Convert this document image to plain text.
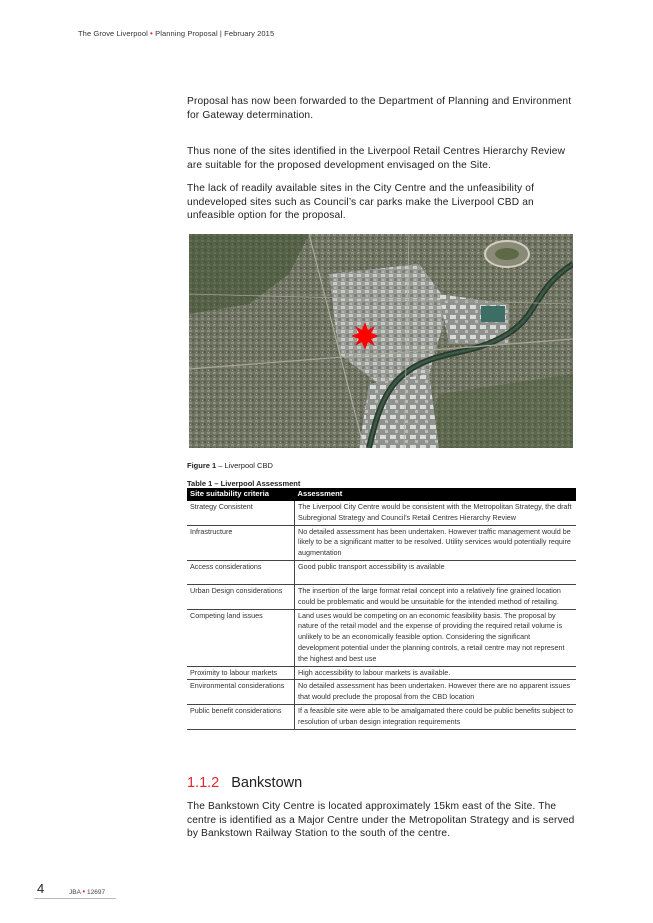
The Grove Liverpool • Planning Proposal | February 2015
Proposal has now been forwarded to the Department of Planning and Environment for Gateway determination.
Thus none of the sites identified in the Liverpool Retail Centres Hierarchy Review are suitable for the proposed development envisaged on the Site.
The lack of readily available sites in the City Centre and the unfeasibility of undeveloped sites such as Council’s car parks make the Liverpool CBD an unfeasible option for the proposal.
Figure 1 – Liverpool CBD
Table 1 – Liverpool Assessment
Site suitability criteria	Assessment
Strategy Consistent	The Liverpool City Centre would be consistent with the Metropolitan Strategy, the draft Subregional Strategy and Council’s Retail Centres Hierarchy Review
Infrastructure	No detailed assessment has been undertaken. However traffic management would be likely to be a significant matter to be resolved. Utility services would potentially require augmentation
Access considerations	Good public transport accessibility is available
Urban Design considerations	The insertion of the large format retail concept into a relatively fine grained location could be problematic and would be unsuitable for the intended method of retailing.
Competing land issues	Land uses would be competing on an economic feasibility basis. The proposal by nature of the retail model and the expense of providing the required retail volume is unlikely to be an economically feasible option. Considering the significant development potential under the planning controls, a retail centre may not represent the highest and best use
Proximity to labour markets	High accessibility to labour markets is available.
Environmental considerations	No detailed assessment has been undertaken. However there are no apparent issues that would preclude the proposal from the CBD location
Public benefit considerations	If a feasible site were able to be amalgamated there could be public benefits subject to resolution of urban design integration requirements
1.1.2 Bankstown
The Bankstown City Centre is located approximately 15km east of the Site. The centre is identified as a Major Centre under the Metropolitan Strategy and is served by Bankstown Railway Station to the south of the centre.
4	JBA • 12697
